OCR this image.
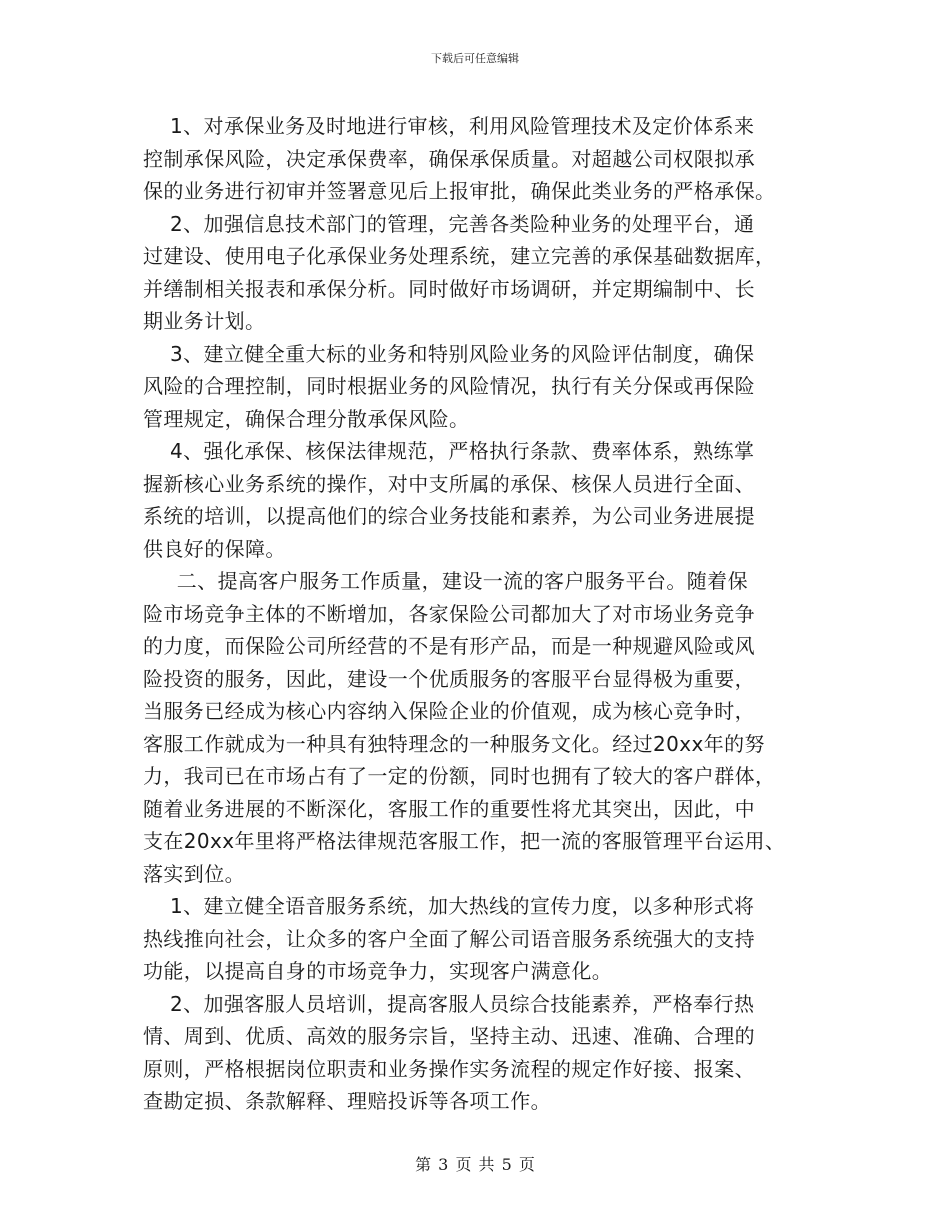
下载后可任意编辑
1、对承保业务及时地进行审核，利用风险管理技术及定价体系来
控制承保风险，决定承保费率，确保承保质量。对超越公司权限拟承
保的业务进行初审并签署意见后上报审批，确保此类业务的严格承保。
2、加强信息技术部门的管理，完善各类险种业务的处理平台，通
过建设、使用电子化承保业务处理系统，建立完善的承保基础数据库，
并缮制相关报表和承保分析。同时做好市场调研，并定期编制中、长
期业务计划。
3、建立健全重大标的业务和特别风险业务的风险评估制度，确保
风险的合理控制，同时根据业务的风险情况，执行有关分保或再保险
管理规定，确保合理分散承保风险。
4、强化承保、核保法律规范，严格执行条款、费率体系，熟练掌
握新核心业务系统的操作，对中支所属的承保、核保人员进行全面、
系统的培训，以提高他们的综合业务技能和素养，为公司业务进展提
供良好的保障。
二、提高客户服务工作质量，建设一流的客户服务平台。随着保
险市场竞争主体的不断增加，各家保险公司都加大了对市场业务竞争
的力度，而保险公司所经营的不是有形产品，而是一种规避风险或风
险投资的服务，因此，建设一个优质服务的客服平台显得极为重要，
当服务已经成为核心内容纳入保险企业的价值观，成为核心竞争时，
客服工作就成为一种具有独特理念的一种服务文化。经过20xx年的努
力，我司已在市场占有了一定的份额，同时也拥有了较大的客户群体，
随着业务进展的不断深化，客服工作的重要性将尤其突出，因此，中
支在20xx年里将严格法律规范客服工作，把一流的客服管理平台运用、
落实到位。
1、建立健全语音服务系统，加大热线的宣传力度，以多种形式将
热线推向社会，让众多的客户全面了解公司语音服务系统强大的支持
功能，以提高自身的市场竞争力，实现客户满意化。
2、加强客服人员培训，提高客服人员综合技能素养，严格奉行热
情、周到、优质、高效的服务宗旨，坚持主动、迅速、准确、合理的
原则，严格根据岗位职责和业务操作实务流程的规定作好接、报案、
查勘定损、条款解释、理赔投诉等各项工作。
第 3 页 共 5 页
